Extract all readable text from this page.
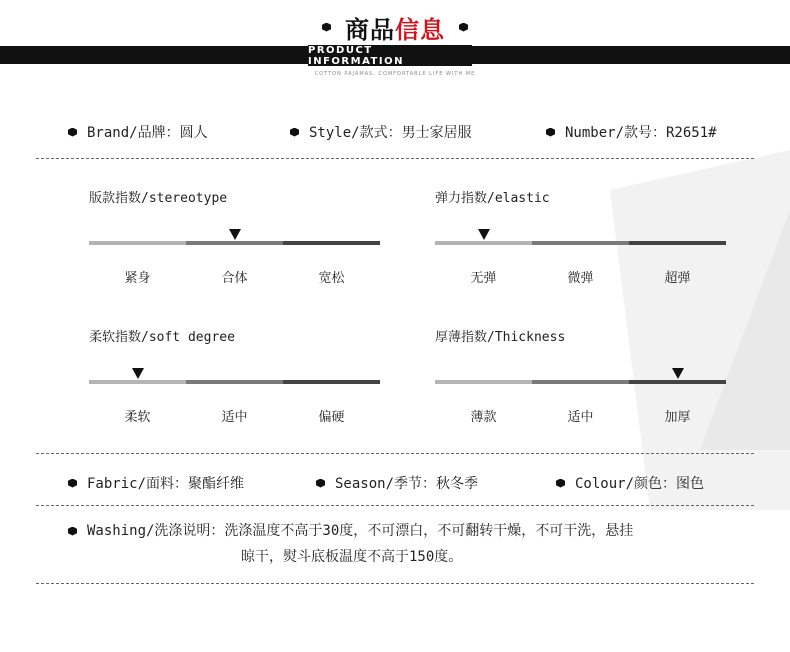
商品信息
PRODUCT INFORMATION
COTTON PAJAMAS, COMFORTABLE LIFE WITH ME
Brand/品牌：圆人	Style/款式：男士家居服	Number/款号：R2651#
版款指数/stereotype
紧身	合体	宽松
弹力指数/elastic
无弹	微弹	超弹
柔软指数/soft degree
柔软	适中	偏硬
厚薄指数/Thickness
薄款	适中	加厚
Fabric/面料：聚酯纤维	Season/季节：秋冬季	Colour/颜色：图色
Washing/洗涤说明：洗涤温度不高于30度，不可漂白，不可翻转干燥，不可干洗，悬挂
晾干，熨斗底板温度不高于150度。
